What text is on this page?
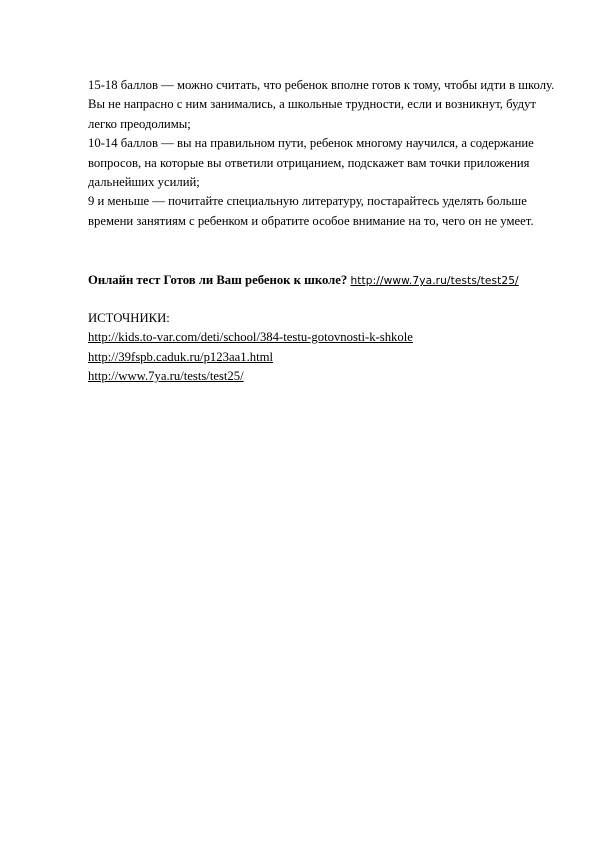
15-18 баллов — можно считать, что ребенок вполне готов к тому, чтобы идти в школу. Вы не напрасно с ним занимались, а школьные трудности, если и возникнут, будут легко преодолимы;

10-14 баллов — вы на правильном пути, ребенок многому научился, а содержание вопросов, на которые вы ответили отрицанием, подскажет вам точки приложения дальнейших усилий;

9 и меньше — почитайте специальную литературу, постарайтесь уделять больше времени занятиям с ребенком и обратите особое внимание на то, чего он не умеет.

Онлайн тест Готов ли Ваш ребенок к школе? http://www.7ya.ru/tests/test25/
ИСТОЧНИКИ:
http://kids.to-var.com/deti/school/384-testu-gotovnosti-k-shkole
http://39fspb.caduk.ru/p123aa1.html
http://www.7ya.ru/tests/test25/
